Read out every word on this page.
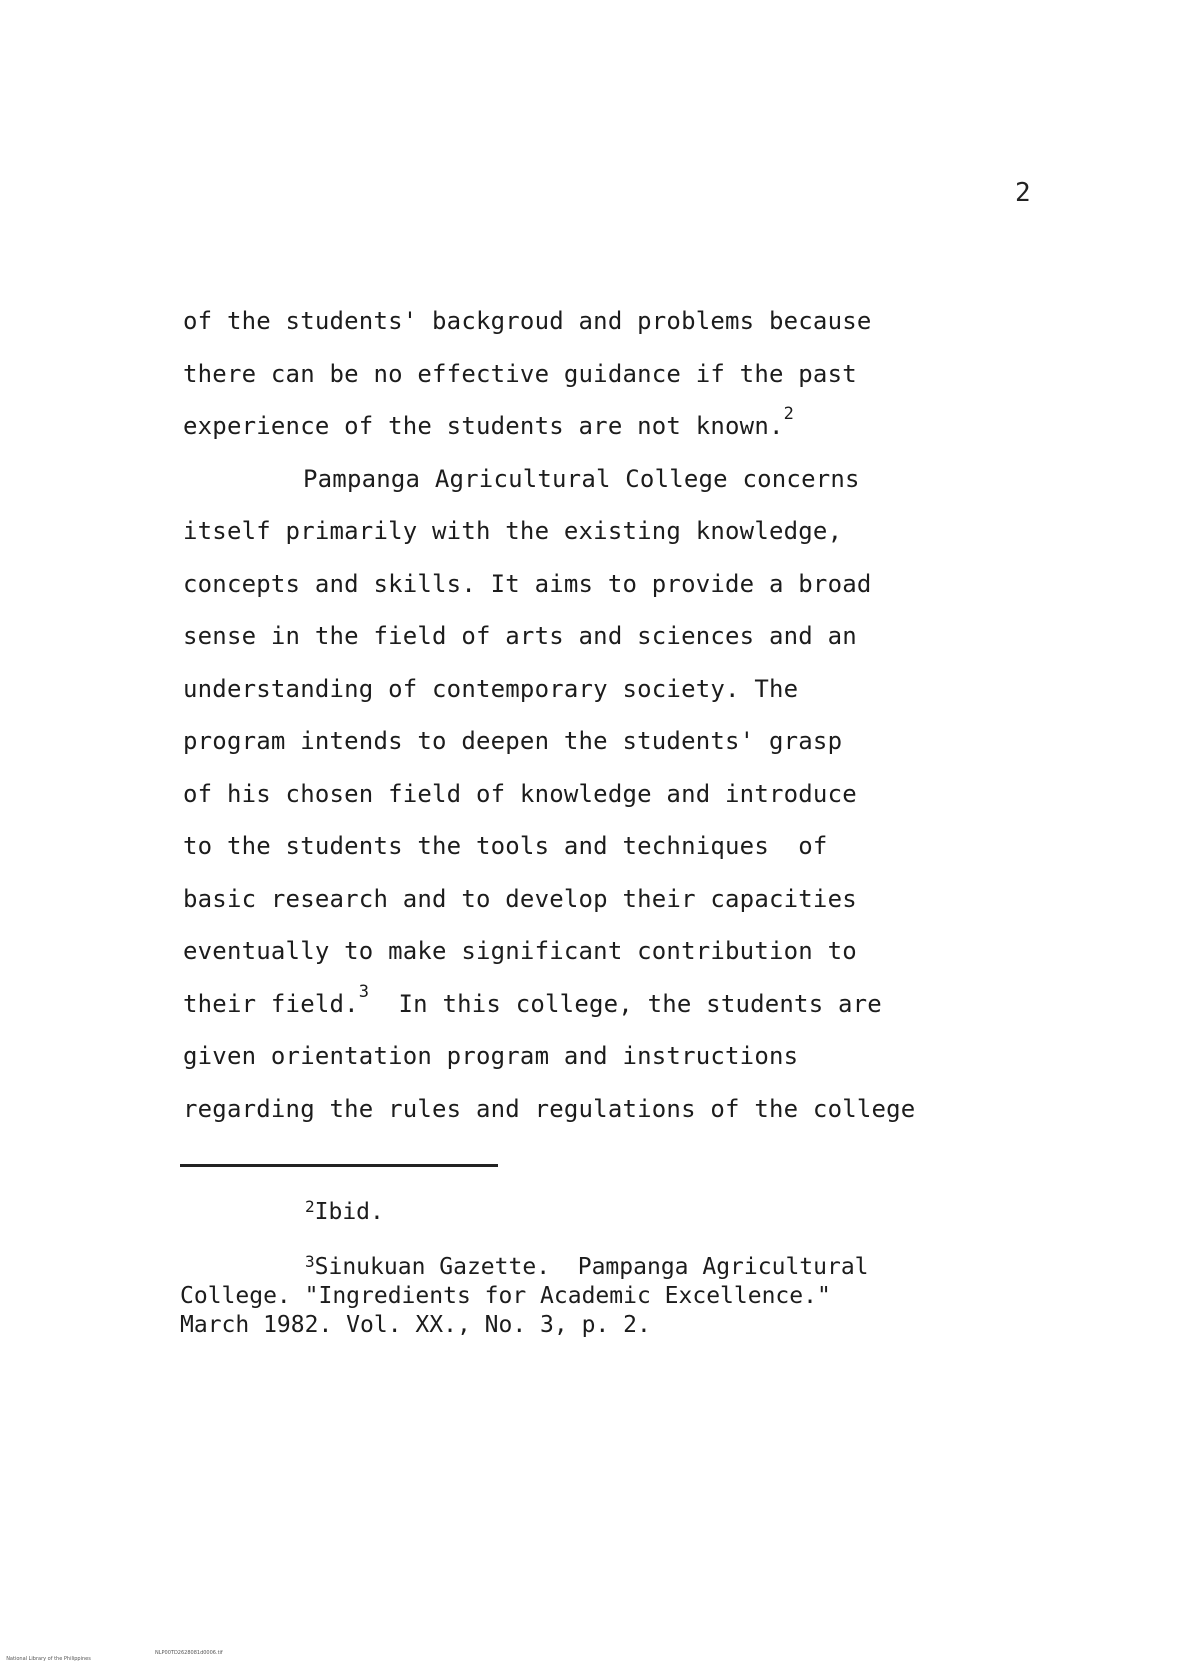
2
of the students' backgroud and problems because
there can be no effective guidance if the past
experience of the students are not known.$^2$
Pampanga Agricultural College concerns
itself primarily with the existing knowledge,
concepts and skills. It aims to provide a broad
sense in the field of arts and sciences and an
understanding of contemporary society. The
program intends to deepen the students' grasp
of his chosen field of knowledge and introduce
to the students the tools and techniques  of
basic research and to develop their capacities
eventually to make significant contribution to
their field.$^3$  In this college, the students are
given orientation program and instructions
regarding the rules and regulations of the college
$^2$Ibid.
$^3$Sinukuan Gazette.  Pampanga Agricultural
College. "Ingredients for Academic Excellence."
March 1982. Vol. XX., No. 3, p. 2.

National Library of the Philippines

NLP00TD2628081d0006.tif
